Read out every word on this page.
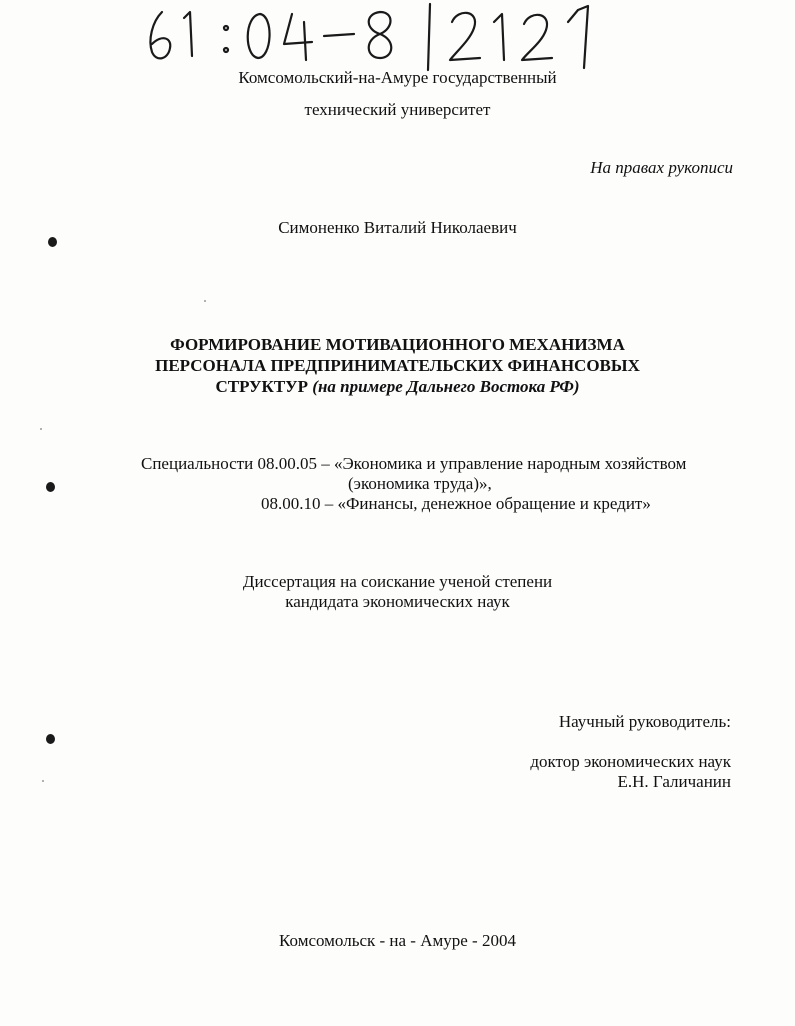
Комсомольский-на-Амуре государственный
технический университет
На правах рукописи
Симоненко Виталий Николаевич
ФОРМИРОВАНИЕ МОТИВАЦИОННОГО МЕХАНИЗМА
ПЕРСОНАЛА ПРЕДПРИНИМАТЕЛЬСКИХ ФИНАНСОВЫХ
СТРУКТУР (на примере Дальнего Востока РФ)
Специальности 08.00.05 – «Экономика и управление народным хозяйством
(экономика труда)»,
08.00.10 – «Финансы, денежное обращение и кредит»
Диссертация на соискание ученой степени
кандидата экономических наук
Научный руководитель:
доктор экономических наук
Е.Н. Галичанин
Комсомольск - на - Амуре - 2004
